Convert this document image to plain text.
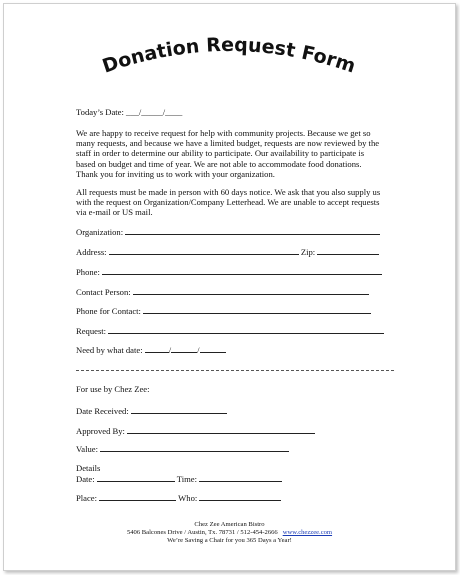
Donation Request Form
Today’s Date: ___/_____/____
We are happy to receive request for help with community projects. Because we get so
many requests, and because we have a limited budget, requests are now reviewed by the
staff in order to determine our ability to participate. Our availability to participate is
based on budget and time of year. We are not able to accommodate food donations.
Thank you for inviting us to work with your organization.
All requests must be made in person with 60 days notice. We ask that you also supply us
with the request on Organization/Company Letterhead. We are unable to accept requests
via e-mail or US mail.
Organization:
Address:	Zip:
Phone:
Contact Person:
Phone for Contact:
Request:
Need by what date:	/	/
For use by Chez Zee:
Date Received:
Approved By:
Value:
Details
Date:	Time:
Place:	Who:
Chez Zee American Bistro
5406 Balcones Drive / Austin, Tx. 78731 / 512-454-2666 www.chezzee.com
We’re Saving a Chair for you 365 Days a Year!
